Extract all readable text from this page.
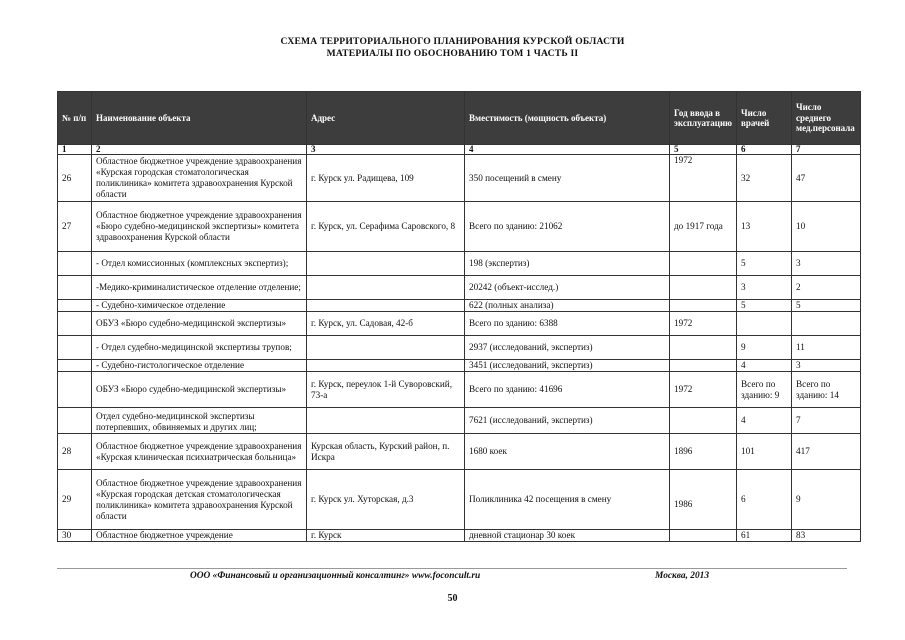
СХЕМА ТЕРРИТОРИАЛЬНОГО ПЛАНИРОВАНИЯ КУРСКОЙ ОБЛАСТИ
МАТЕРИАЛЫ ПО ОБОСНОВАНИЮ ТОМ 1 ЧАСТЬ II
№ п/п	Наименование объекта	Адрес	Вместимость (мощность объекта)	Год ввода в эксплуатацию	Число врачей	Число среднего мед.персонала
1	2	3	4	5	6	7
26	Областное бюджетное учреждение здравоохранения «Курская городская стоматологическая поликлиника» комитета здравоохранения Курской области	г. Курск ул. Радищева, 109	350 посещений в смену	1972	32	47
27	Областное бюджетное учреждение здравоохранения «Бюро судебно-медицинской экспертизы» комитета здравоохранения Курской области	г. Курск, ул. Серафима Саровского, 8	Всего по зданию: 21062	до 1917 года	13	10
	- Отдел комиссионных (комплексных экспертиз);		198 (экспертиз)		5	3
	-Медико-криминалистическое отделение отделение;		20242 (объект-исслед.)		3	2
	- Судебно-химическое отделение		622 (полных анализа)		5	5
	ОБУЗ «Бюро судебно-медицинской экспертизы»	г. Курск, ул. Садовая, 42-б	Всего по зданию: 6388	1972		
	- Отдел судебно-медицинской экспертизы трупов;		2937 (исследований, экспертиз)		9	11
	- Судебно-гистологическое отделение		3451 (исследований, экспертиз)		4	3
	ОБУЗ «Бюро судебно-медицинской экспертизы»	г. Курск, переулок 1-й Суворовский, 73-а	Всего по зданию: 41696	1972	Всего по зданию: 9	Всего по зданию: 14
	Отдел судебно-медицинской экспертизы потерпевших, обвиняемых и других лиц;		7621 (исследований, экспертиз)		4	7
28	Областное бюджетное учреждение здравоохранения «Курская клиническая психиатрическая больница»	Курская область, Курский район, п. Искра	1680 коек	1896	101	417
29	Областное бюджетное учреждение здравоохранения «Курская городская детская стоматологическая поликлиника» комитета здравоохранения Курской области	г. Курск ул. Хуторская, д.3	Поликлиника 42 посещения в смену	1986	6	9
30	Областное бюджетное учреждение	г. Курск	дневной стационар 30 коек		61	83
ООО «Финансовый и организационный консалтинг» www.foconcult.ru	Москва, 2013
50
